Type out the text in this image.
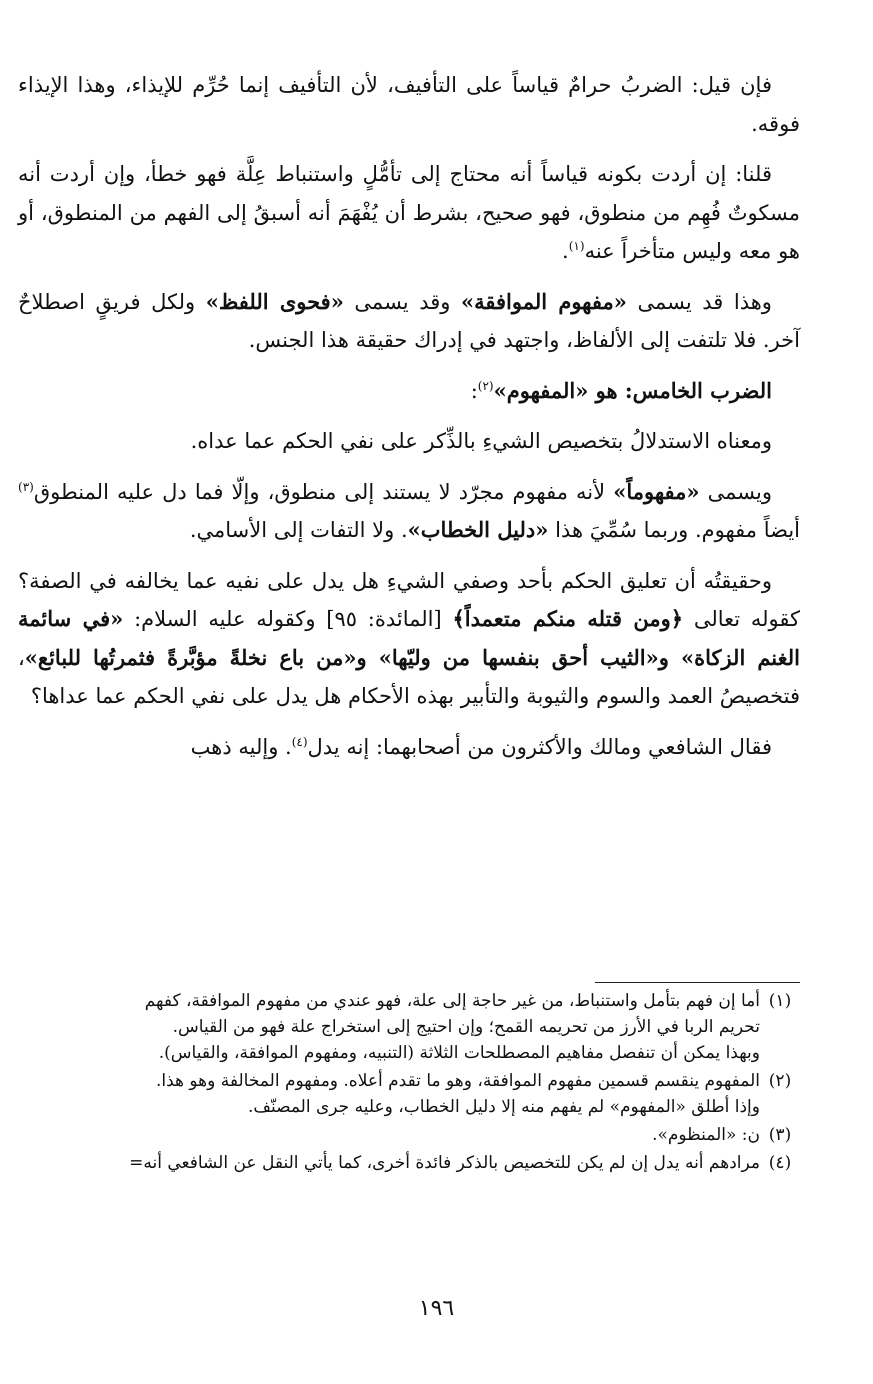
فإن قيل: الضربُ حرامٌ قياساً على التأفيف، لأن التأفيف إنما حُرِّم للإيذاء، وهذا الإيذاء فوقه.

قلنا: إن أردت بكونه قياساً أنه محتاج إلى تأمُّلٍ واستنباط عِلَّة فهو خطأ، وإن أردت أنه مسكوتٌ فُهِم من منطوق، فهو صحيح، بشرط أن يُفْهَمَ أنه أسبقُ إلى الفهم من المنطوق، أو هو معه وليس متأخراً عنه$^{(١)}$.

وهذا قد يسمى «مفهوم الموافقة» وقد يسمى «فحوى اللفظ» ولكل فريقٍ اصطلاحٌ آخر. فلا تلتفت إلى الألفاظ، واجتهد في إدراك حقيقة هذا الجنس.

الضرب الخامس: هو «المفهوم»$^{(٢)}$:

ومعناه الاستدلالُ بتخصيص الشيءِ بالذِّكر على نفي الحكم عما عداه.

ويسمى «مفهوماً» لأنه مفهوم مجرّد لا يستند إلى منطوق، وإلّا فما دل عليه المنطوق$^{(٣)}$ أيضاً مفهوم. وربما سُمِّيَ هذا «دليل الخطاب». ولا التفات إلى الأسامي.

وحقيقتُه أن تعليق الحكم بأحد وصفي الشيءِ هل يدل على نفيه عما يخالفه في الصفة؟ كقوله تعالى ﴿ومن قتله منكم متعمداً﴾ [المائدة: ٩٥] وكقوله عليه السلام: «في سائمة الغنم الزكاة» و«الثيب أحق بنفسها من وليّها» و«من باع نخلةً مؤبَّرةً فثمرتُها للبائع»، فتخصيصُ العمد والسوم والثيوبة والتأبير بهذه الأحكام هل يدل على نفي الحكم عما عداها؟

فقال الشافعي ومالك والأكثرون من أصحابهما: إنه يدل$^{(٤)}$. وإليه ذهب

(١)
أما إن فهم بتأمل واستنباط، من غير حاجة إلى علة، فهو عندي من مفهوم الموافقة، كفهم
تحريم الربا في الأرز من تحريمه القمح؛ وإن احتيج إلى استخراج علة فهو من القياس.
وبهذا يمكن أن تنفصل مفاهيم المصطلحات الثلاثة (التنبيه، ومفهوم الموافقة، والقياس).
(٢)
المفهوم ينقسم قسمين مفهوم الموافقة، وهو ما تقدم أعلاه. ومفهوم المخالفة وهو هذا.
وإذا أطلق «المفهوم» لم يفهم منه إلا دليل الخطاب، وعليه جرى المصنّف.
(٣)
ن: «المنظوم».
(٤)
مرادهم أنه يدل إن لم يكن للتخصيص بالذكر فائدة أخرى، كما يأتي النقل عن الشافعي أنه=
١٩٦
